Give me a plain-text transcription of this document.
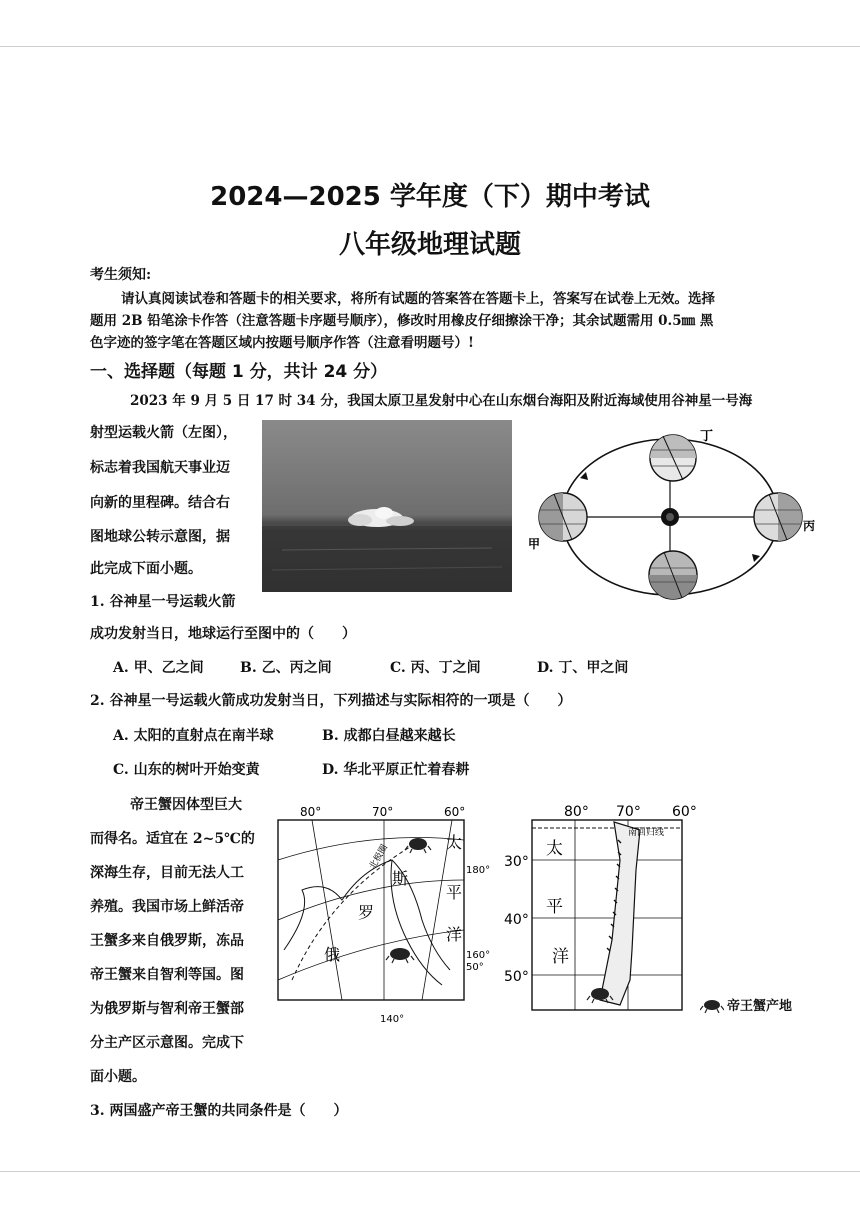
2024—2025 学年度（下）期中考试
八年级地理试题
考生须知:
请认真阅读试卷和答题卡的相关要求，将所有试题的答案答在答题卡上，答案写在试卷上无效。选择
题用 2B 铅笔涂卡作答（注意答题卡序题号顺序），修改时用橡皮仔细擦涂干净；其余试题需用 0.5㎜ 黑
色字迹的签字笔在答题区域内按题号顺序作答（注意看明题号）!
一、选择题（每题 1 分，共计 24 分）
2023 年 9 月 5 日 17 时 34 分，我国太原卫星发射中心在山东烟台海阳及附近海域使用谷神星一号海
射型运载火箭（左图），
标志着我国航天事业迈
向新的里程碑。结合右
图地球公转示意图，据
此完成下面小题。
丁
甲
丙
乙
1. 谷神星一号运载火箭
成功发射当日，地球运行至图中的（　　）
A. 甲、乙之间	B. 乙、丙之间	C. 丙、丁之间	D. 丁、甲之间
2. 谷神星一号运载火箭成功发射当日，下列描述与实际相符的一项是（　　）
A. 太阳的直射点在南半球	B. 成都白昼越来越长
C. 山东的树叶开始变黄	D. 华北平原正忙着春耕
帝王蟹因体型巨大
而得名。适宜在 2~5℃的
深海生存，目前无法人工
养殖。我国市场上鲜活帝
王蟹多来自俄罗斯，冻品
帝王蟹来自智利等国。图
为俄罗斯与智利帝王蟹部
分主产区示意图。完成下
面小题。
80°	70°	60°
太
斯
平
罗
洋
俄
北极圈	180°
160°
50°
140°
80° 70° 60°
南回归线
30°
40°
50°
太
平
洋
帝王蟹产地
3. 两国盛产帝王蟹的共同条件是（　　）
